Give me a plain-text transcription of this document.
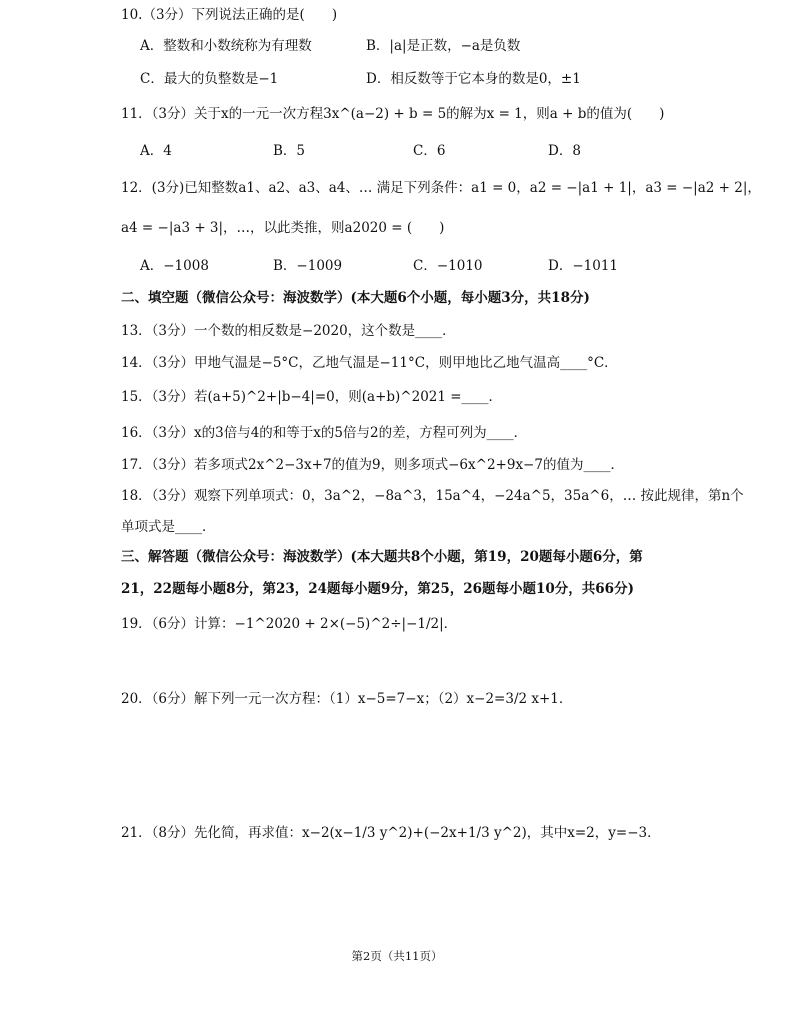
10.（3分）下列说法正确的是(　　)
A．整数和小数统称为有理数	B．|a|是正数，−a是负数
C．最大的负整数是−1	D．相反数等于它本身的数是0，±1
11．（3分）关于x的一元一次方程3x^(a−2) + b = 5的解为x = 1，则a + b的值为(　　)
A．4	B．5	C．6	D．8
12．(3分)已知整数a1、a2、a3、a4、… 满足下列条件：a1 = 0，a2 = −|a1 + 1|，a3 = −|a2 + 2|，
a4 = −|a3 + 3|，…，以此类推，则a2020 = (　　)
A．−1008	B．−1009	C．−1010	D．−1011
二、填空题（微信公众号：海波数学）(本大题6个小题，每小题3分，共18分)
13．（3分）一个数的相反数是−2020，这个数是____．
14．（3分）甲地气温是−5°C，乙地气温是−11°C，则甲地比乙地气温高____°C．
15．（3分）若(a+5)^2+|b−4|=0，则(a+b)^2021 =____．
16．（3分）x的3倍与4的和等于x的5倍与2的差，方程可列为____．
17．（3分）若多项式2x^2−3x+7的值为9，则多项式−6x^2+9x−7的值为____．
18．（3分）观察下列单项式：0，3a^2，−8a^3，15a^4，−24a^5，35a^6，… 按此规律，第n个
单项式是____．
三、解答题（微信公众号：海波数学）(本大题共8个小题，第19，20题每小题6分，第
21，22题每小题8分，第23，24题每小题9分，第25，26题每小题10分，共66分)
19．（6分）计算：−1^2020 + 2×(−5)^2÷|−1/2|．
20．（6分）解下列一元一次方程：（1）x−5=7−x；（2）x−2=3/2 x+1．
21．（8分）先化简，再求值：x−2(x−1/3 y^2)+(−2x+1/3 y^2)，其中x=2，y=−3．
第2页（共11页）
